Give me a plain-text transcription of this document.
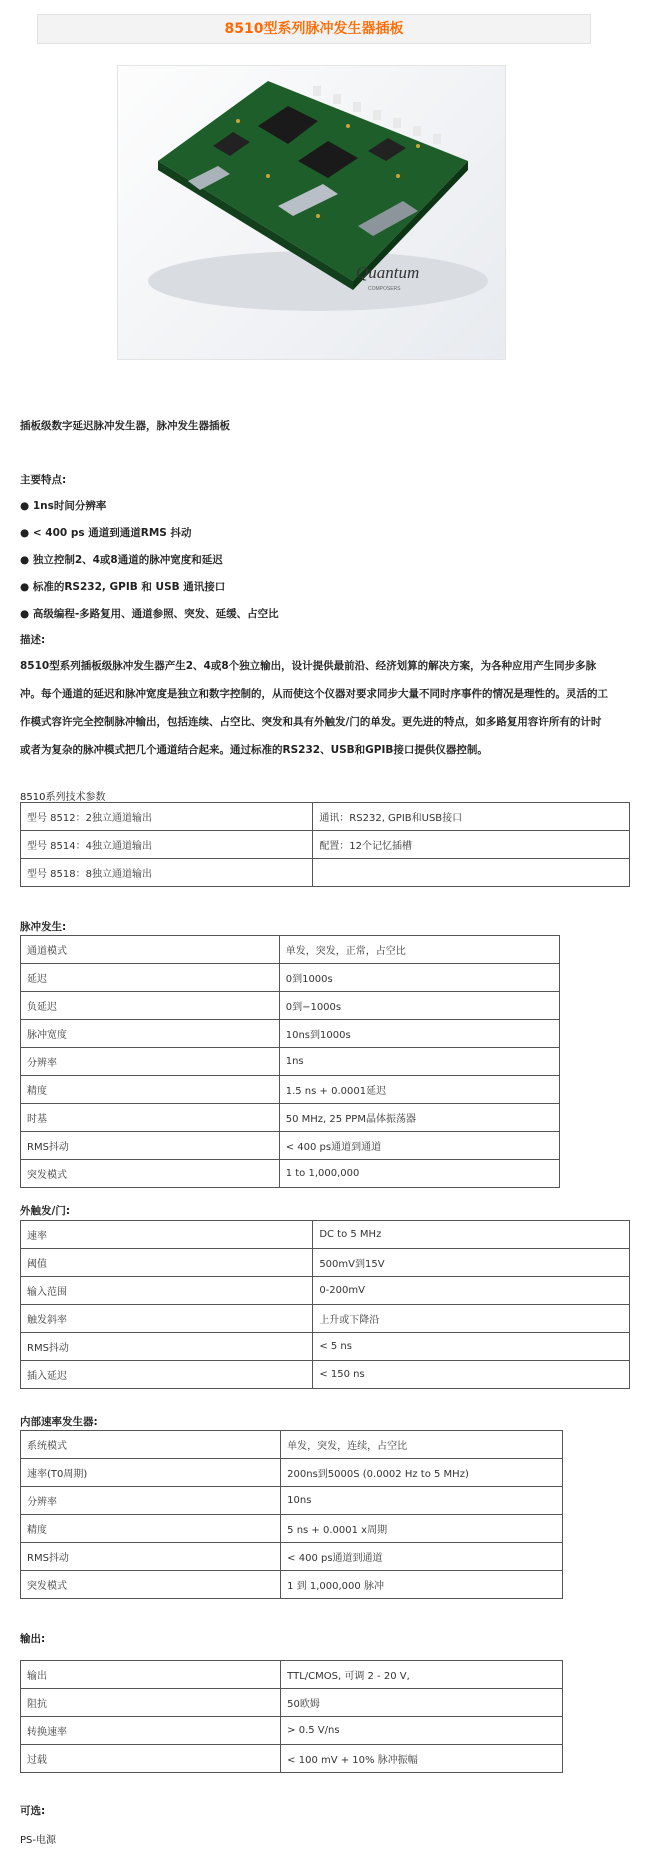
8510型系列脉冲发生器插板
Quantum
COMPOSERS
插板级数字延迟脉冲发生器，脉冲发生器插板
主要特点:
● 1ns时间分辨率
● < 400 ps 通道到通道RMS 抖动
● 独立控制2、4或8通道的脉冲宽度和延迟
● 标准的RS232, GPIB 和 USB 通讯接口
● 高级编程-多路复用、通道参照、突发、延缓、占空比
描述:
8510型系列插板级脉冲发生器产生2、4或8个独立输出，设计提供最前沿、经济划算的解决方案，为各种应用产生同步多脉
冲。每个通道的延迟和脉冲宽度是独立和数字控制的，从而使这个仪器对要求同步大量不同时序事件的情况是理性的。灵活的工
作模式容许完全控制脉冲输出，包括连续、占空比、突发和具有外触发/门的单发。更先进的特点，如多路复用容许所有的计时
或者为复杂的脉冲模式把几个通道结合起来。通过标准的RS232、USB和GPIB接口提供仪器控制。
8510系列技术参数
型号 8512：2独立通道输出	通讯：RS232, GPIB和USB接口
型号 8514：4独立通道输出	配置：12个记忆插槽
型号 8518：8独立通道输出	
脉冲发生:
通道模式	单发，突发，正常，占空比
延迟	0到1000s
负延迟	0到−1000s
脉冲宽度	10ns到1000s
分辨率	1ns
精度	1.5 ns + 0.0001延迟
时基	50 MHz, 25 PPM晶体振荡器
RMS抖动	< 400 ps通道到通道
突发模式	1 to 1,000,000
外触发/门:
速率	DC to 5 MHz
阈值	500mV到15V
输入范围	0-200mV
触发斜率	上升或下降沿
RMS抖动	< 5 ns
插入延迟	< 150 ns
内部速率发生器:
系统模式	单发，突发，连续，占空比
速率(T0周期)	200ns到5000S (0.0002 Hz to 5 MHz)
分辨率	10ns
精度	5 ns + 0.0001 x周期
RMS抖动	< 400 ps通道到通道
突发模式	1 到 1,000,000 脉冲
输出:
输出	TTL/CMOS, 可调 2 - 20 V,
阻抗	50欧姆
转换速率	> 0.5 V/ns
过载	< 100 mV + 10% 脉冲振幅
可选:
PS-电源
